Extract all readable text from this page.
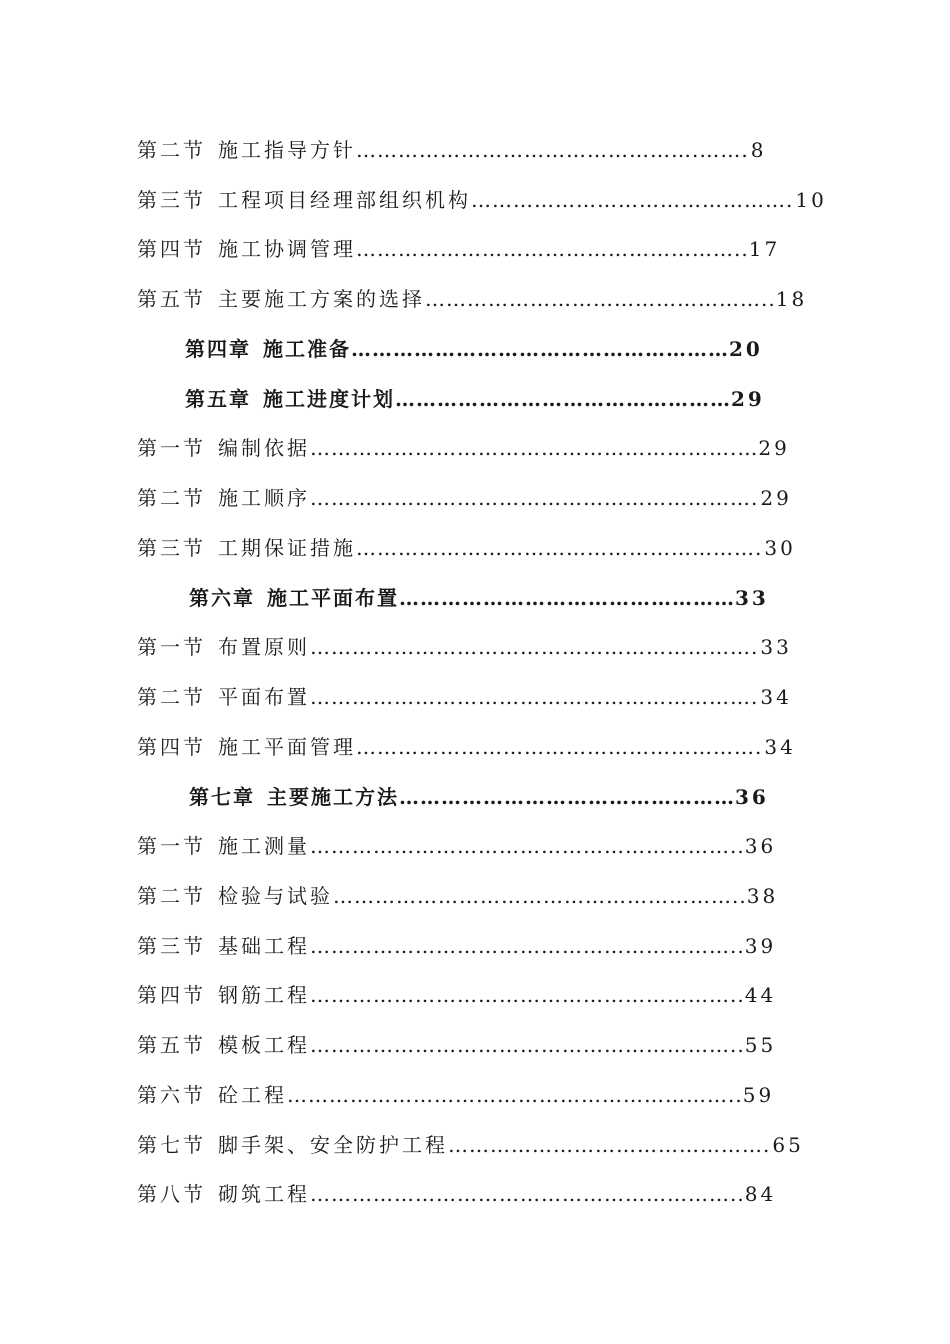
第二节 施工指导方针………………………………………….…….8
第三节 工程项目经理部组织机构……………………………………….10
第四节 施工协调管理………………………………………………..17
第五节 主要施工方案的选择…………………………………………..18
第四章 施工准备………………………………………………20
第五章 施工进度计划…………………………………………29
第一节 编制依据…………………………………………………….…29
第二节 施工顺序……………………………………………………….29
第三节 工期保证措施………………………………………………….30
第六章 施工平面布置…………………………………………33
第一节 布置原则……………………………………………………….33
第二节 平面布置……………………………………………………….34
第四节 施工平面管理………………………………………………….34
第七章 主要施工方法…………………………………………36
第一节 施工测量……………………………………………………..36
第二节 检验与试验…………………………………………………..38
第三节 基础工程……………………………………………………..39
第四节 钢筋工程……………………………………………………..44
第五节 模板工程……………………………………………………..55
第六节 砼工程………………………………………………………..59
第七节 脚手架、安全防护工程……………………………………….65
第八节 砌筑工程……………………………………………………..84
